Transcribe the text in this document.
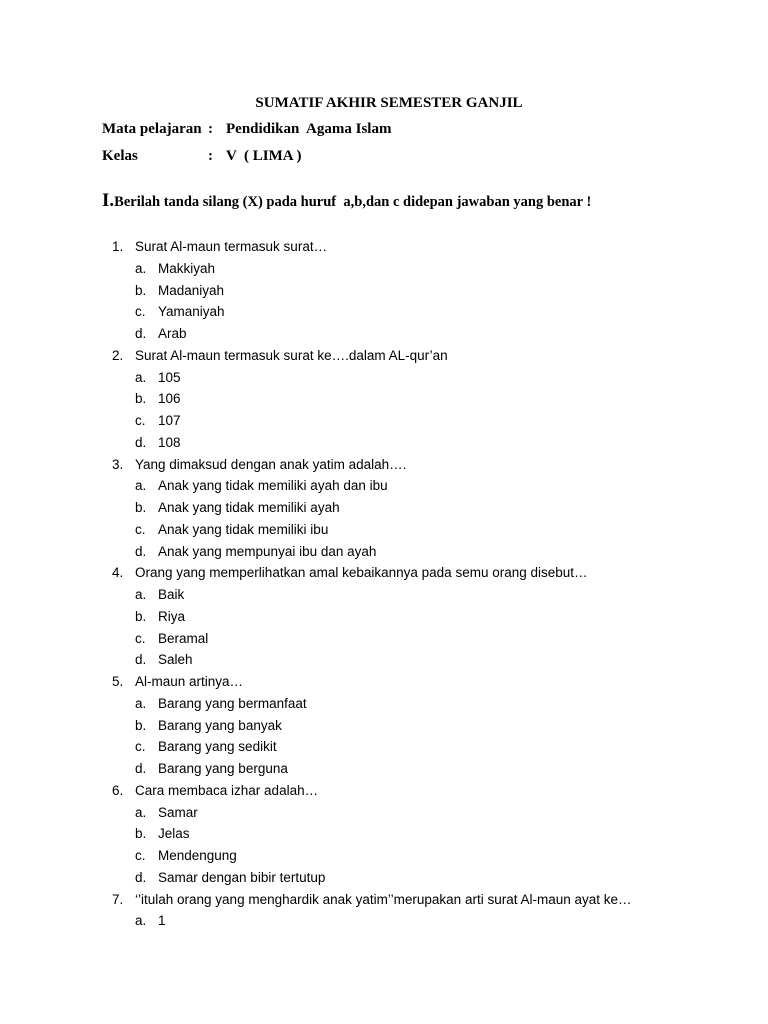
SUMATIF AKHIR SEMESTER GANJIL
Mata pelajaran : Pendidikan  Agama Islam
Kelas	: V  ( LIMA )
I.Berilah tanda silang (X) pada huruf  a,b,dan c didepan jawaban yang benar !
1. Surat Al-maun termasuk surat…
a. Makkiyah
b. Madaniyah
c. Yamaniyah
d. Arab
2. Surat Al-maun termasuk surat ke….dalam AL-qur’an
a. 105
b. 106
c. 107
d. 108
3. Yang dimaksud dengan anak yatim adalah….
a. Anak yang tidak memiliki ayah dan ibu
b. Anak yang tidak memiliki ayah
c. Anak yang tidak memiliki ibu
d. Anak yang mempunyai ibu dan ayah
4. Orang yang memperlihatkan amal kebaikannya pada semu orang disebut…
a. Baik
b. Riya
c. Beramal
d. Saleh
5. Al-maun artinya…
a. Barang yang bermanfaat
b. Barang yang banyak
c. Barang yang sedikit
d. Barang yang berguna
6. Cara membaca izhar adalah…
a. Samar
b. Jelas
c. Mendengung
d. Samar dengan bibir tertutup
7. ‘’itulah orang yang menghardik anak yatim’’merupakan arti surat Al-maun ayat ke…
a. 1
